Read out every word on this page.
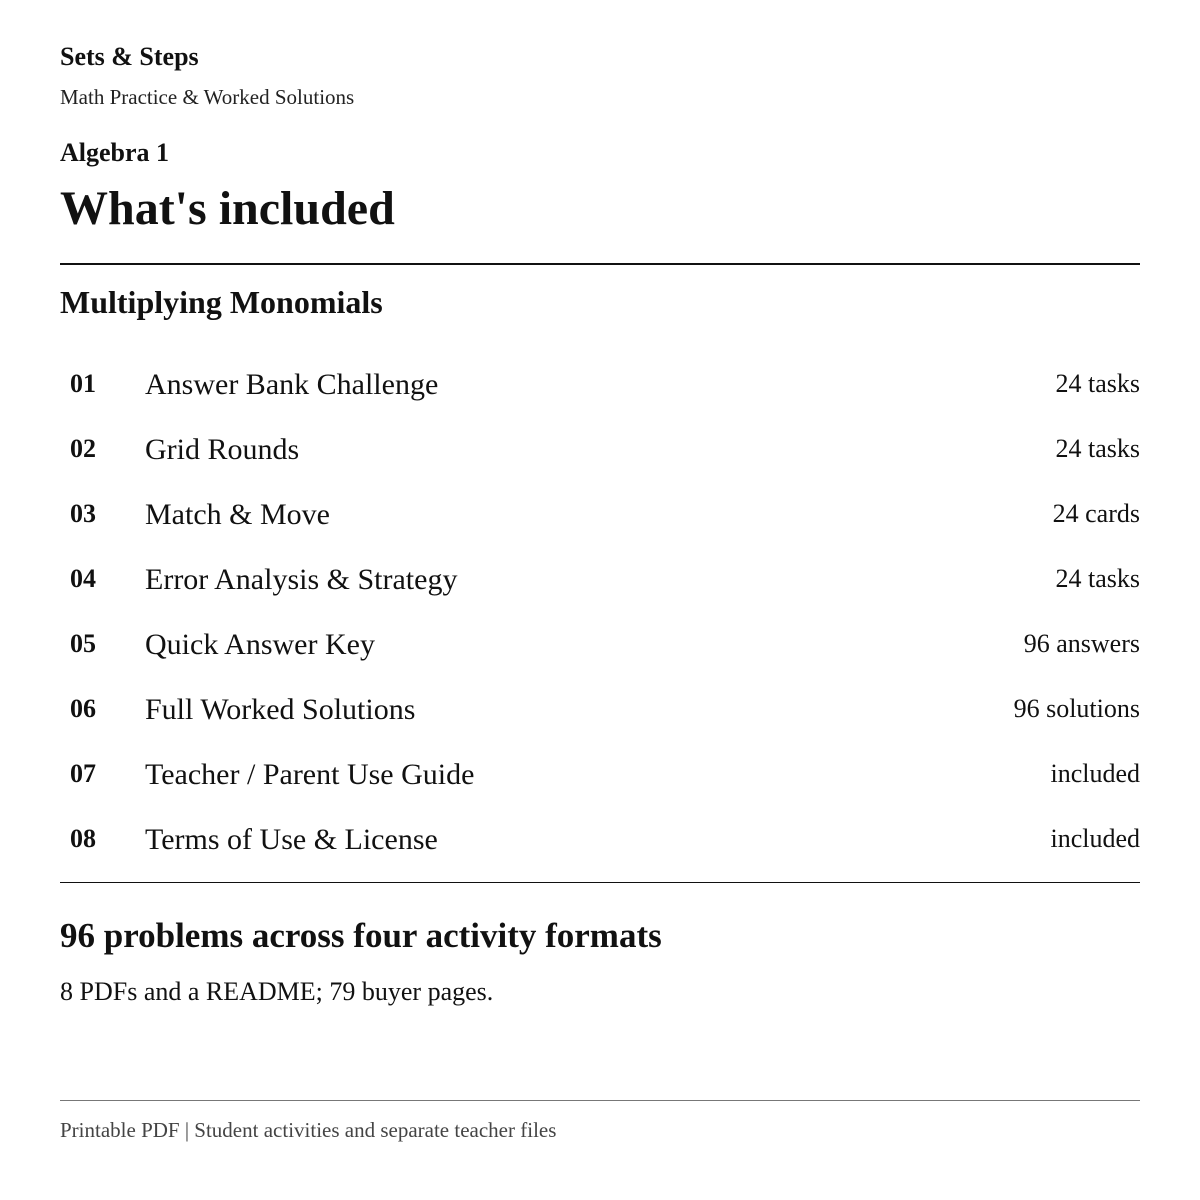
Sets & Steps
Math Practice & Worked Solutions
Algebra 1
What's included
Multiplying Monomials
01 Answer Bank Challenge	24 tasks
02 Grid Rounds	24 tasks
03 Match & Move	24 cards
04 Error Analysis & Strategy	24 tasks
05 Quick Answer Key	96 answers
06 Full Worked Solutions	96 solutions
07 Teacher / Parent Use Guide	included
08 Terms of Use & License	included
96 problems across four activity formats
8 PDFs and a README; 79 buyer pages.
Printable PDF | Student activities and separate teacher files
